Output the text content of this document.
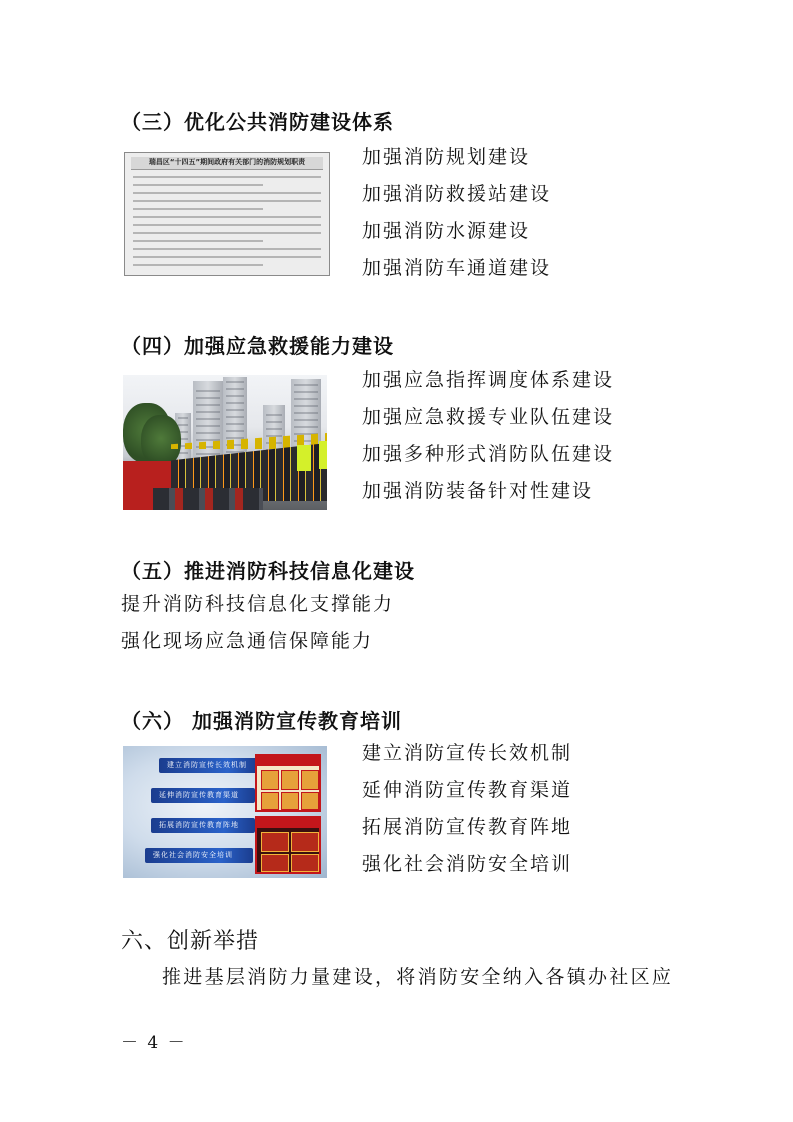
（三）优化公共消防建设体系
瑞昌区“十四五”期间政府有关部门的消防规划职责	加强消防规划建设
加强消防救援站建设
加强消防水源建设
加强消防车通道建设
（四）加强应急救援能力建设
加强应急指挥调度体系建设
加强应急救援专业队伍建设
加强多种形式消防队伍建设
加强消防装备针对性建设
（五）推进消防科技信息化建设
提升消防科技信息化支撑能力
强化现场应急通信保障能力
（六） 加强消防宣传教育培训
建立消防宣传长效机制
延伸消防宣传教育渠道
拓展消防宣传教育阵地
强化社会消防安全培训
建立消防宣传长效机制
延伸消防宣传教育渠道
拓展消防宣传教育阵地
强化社会消防安全培训
六、创新举措
推进基层消防力量建设，将消防安全纳入各镇办社区应
－ 4 －
